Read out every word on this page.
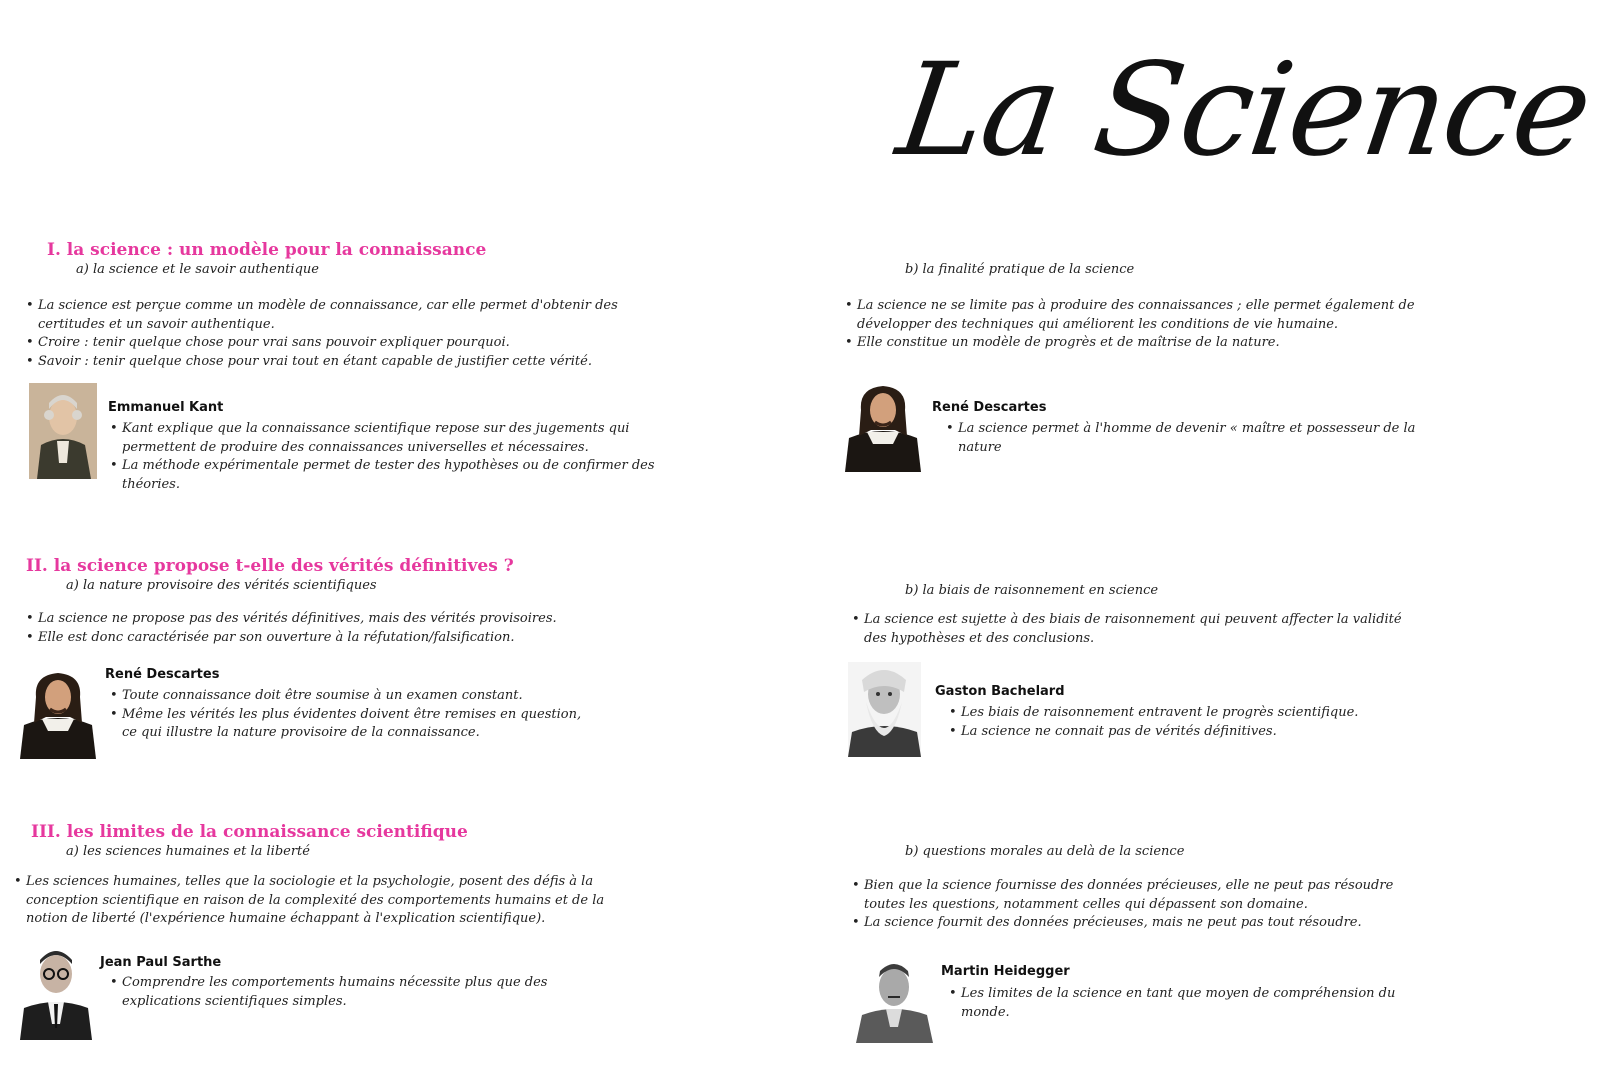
La Science
I. la science : un modèle pour la connaissance
a) la science et le savoir authentique
• La science est perçue comme un modèle de connaissance, car elle permet d'obtenir des certitudes et un savoir authentique.
• Croire : tenir quelque chose pour vrai sans pouvoir expliquer pourquoi.
• Savoir : tenir quelque chose pour vrai tout en étant capable de justifier cette vérité.
Emmanuel Kant
• Kant explique que la connaissance scientifique repose sur des jugements qui permettent de produire des connaissances universelles et nécessaires.
• La méthode expérimentale permet de tester des hypothèses ou de confirmer des théories.
b) la finalité pratique de la science
• La science ne se limite pas à produire des connaissances ; elle permet également de développer des techniques qui améliorent les conditions de vie humaine.
• Elle constitue un modèle de progrès et de maîtrise de la nature.
René Descartes
• La science permet à l'homme de devenir « maître et possesseur de la nature
II. la science propose t-elle des vérités définitives ?
a) la nature provisoire des vérités scientifiques
• La science ne propose pas des vérités définitives, mais des vérités provisoires.
• Elle est donc caractérisée par son ouverture à la réfutation/falsification.
René Descartes
• Toute connaissance doit être soumise à un examen constant.
• Même les vérités les plus évidentes doivent être remises en question, ce qui illustre la nature provisoire de la connaissance.
b) la biais de raisonnement en science
• La science est sujette à des biais de raisonnement qui peuvent affecter la validité des hypothèses et des conclusions.
Gaston Bachelard
• Les biais de raisonnement entravent le progrès scientifique.
• La science ne connait pas de vérités définitives.
III. les limites de la connaissance scientifique
a) les sciences humaines et la liberté
• Les sciences humaines, telles que la sociologie et la psychologie, posent des défis à la conception scientifique en raison de la complexité des comportements humains et de la notion de liberté (l'expérience humaine échappant à l'explication scientifique).
Jean Paul Sarthe
• Comprendre les comportements humains nécessite plus que des explications scientifiques simples.
b) questions morales au delà de la science
• Bien que la science fournisse des données précieuses, elle ne peut pas résoudre toutes les questions, notamment celles qui dépassent son domaine.
• La science fournit des données précieuses, mais ne peut pas tout résoudre.
Martin Heidegger
• Les limites de la science en tant que moyen de compréhension du monde.
